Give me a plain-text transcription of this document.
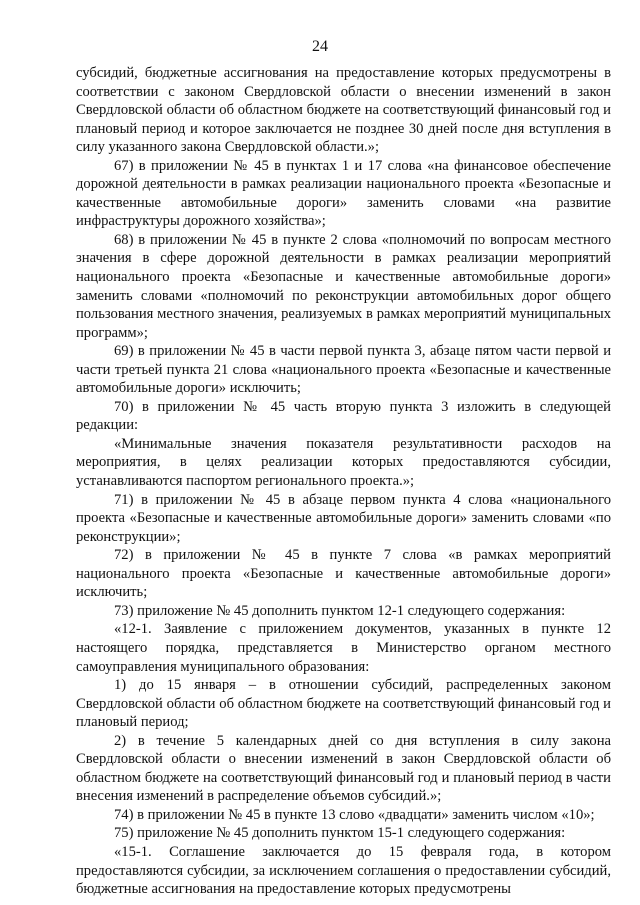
24

субсидий, бюджетные ассигнования на предоставление которых предусмотрены в соответствии с законом Свердловской области о внесении изменений в закон Свердловской области об областном бюджете на соответствующий финансовый год и плановый период и которое заключается не позднее 30 дней после дня вступления в силу указанного закона Свердловской области.»;

67) в приложении № 45 в пунктах 1 и 17 слова «на финансовое обеспечение дорожной деятельности в рамках реализации национального проекта «Безопасные и качественные автомобильные дороги» заменить словами «на развитие инфраструктуры дорожного хозяйства»;

68) в приложении № 45 в пункте 2 слова «полномочий по вопросам местного значения в сфере дорожной деятельности в рамках реализации мероприятий национального проекта «Безопасные и качественные автомобильные дороги» заменить словами «полномочий по реконструкции автомобильных дорог общего пользования местного значения, реализуемых в рамках мероприятий муниципальных программ»;

69) в приложении № 45 в части первой пункта 3, абзаце пятом части первой и части третьей пункта 21 слова «национального проекта «Безопасные и качественные автомобильные дороги» исключить;

70) в приложении № 45 часть вторую пункта 3 изложить в следующей редакции:

«Минимальные значения показателя результативности расходов на мероприятия, в целях реализации которых предоставляются субсидии, устанавливаются паспортом регионального проекта.»;

71) в приложении № 45 в абзаце первом пункта 4 слова «национального проекта «Безопасные и качественные автомобильные дороги» заменить словами «по реконструкции»;

72) в приложении № 45 в пункте 7 слова «в рамках мероприятий национального проекта «Безопасные и качественные автомобильные дороги» исключить;

73) приложение № 45 дополнить пунктом 12-1 следующего содержания:

«12-1. Заявление с приложением документов, указанных в пункте 12 настоящего порядка, представляется в Министерство органом местного самоуправления муниципального образования:

1) до 15 января – в отношении субсидий, распределенных законом Свердловской области об областном бюджете на соответствующий финансовый год и плановый период;

2) в течение 5 календарных дней со дня вступления в силу закона Свердловской области о внесении изменений в закон Свердловской области об областном бюджете на соответствующий финансовый год и плановый период в части внесения изменений в распределение объемов субсидий.»;

74) в приложении № 45 в пункте 13 слово «двадцати» заменить числом «10»;

75) приложение № 45 дополнить пунктом 15-1 следующего содержания:

«15-1. Соглашение заключается до 15 февраля года, в котором предоставляются субсидии, за исключением соглашения о предоставлении субсидий, бюджетные ассигнования на предоставление которых предусмотрены
